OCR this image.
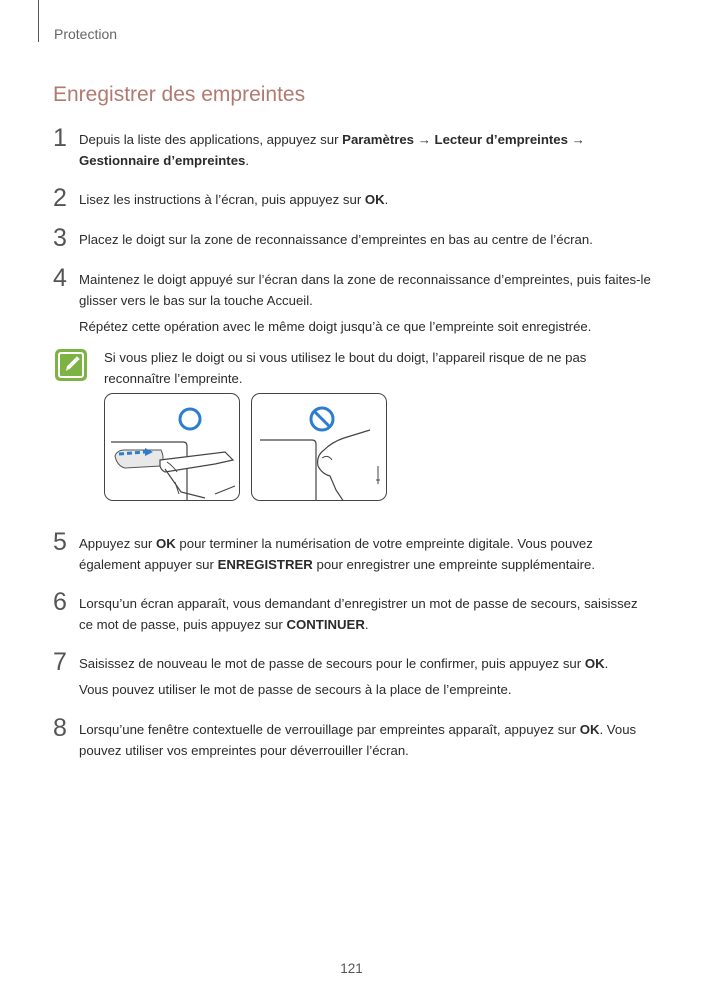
Protection
Enregistrer des empreintes
1 Depuis la liste des applications, appuyez sur Paramètres → Lecteur d’empreintes → Gestionnaire d’empreintes.
2 Lisez les instructions à l’écran, puis appuyez sur OK.
3 Placez le doigt sur la zone de reconnaissance d’empreintes en bas au centre de l’écran.
4 Maintenez le doigt appuyé sur l’écran dans la zone de reconnaissance d’empreintes, puis faites-le glisser vers le bas sur la touche Accueil.
Répétez cette opération avec le même doigt jusqu’à ce que l’empreinte soit enregistrée.
Si vous pliez le doigt ou si vous utilisez le bout du doigt, l’appareil risque de ne pas reconnaître l’empreinte.
5 Appuyez sur OK pour terminer la numérisation de votre empreinte digitale. Vous pouvez également appuyer sur ENREGISTRER pour enregistrer une empreinte supplémentaire.
6 Lorsqu’un écran apparaît, vous demandant d’enregistrer un mot de passe de secours, saisissez ce mot de passe, puis appuyez sur CONTINUER.
7 Saisissez de nouveau le mot de passe de secours pour le confirmer, puis appuyez sur OK.
Vous pouvez utiliser le mot de passe de secours à la place de l’empreinte.
8 Lorsqu’une fenêtre contextuelle de verrouillage par empreintes apparaît, appuyez sur OK. Vous pouvez utiliser vos empreintes pour déverrouiller l’écran.
121
